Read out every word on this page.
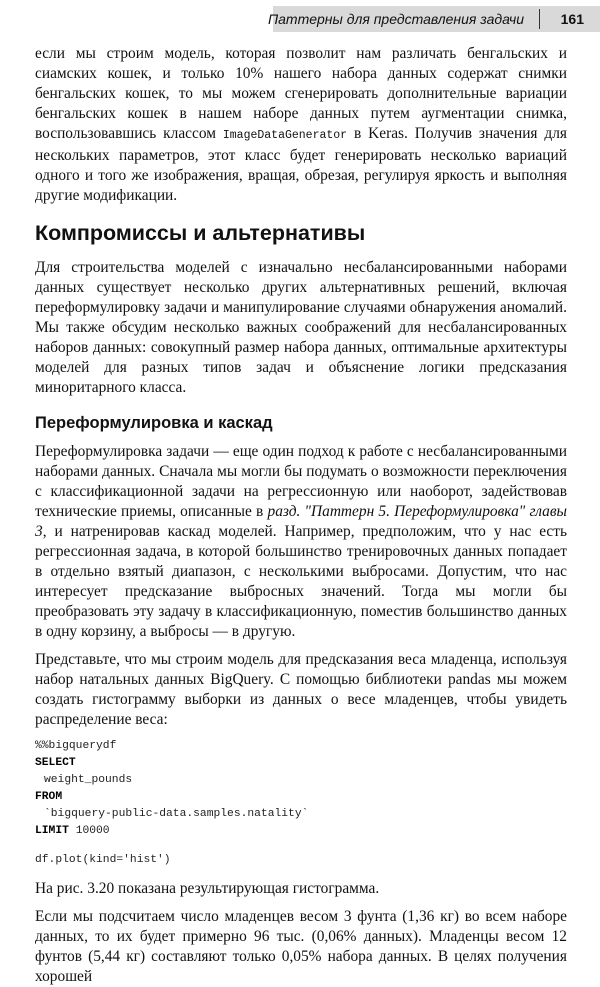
Паттерны для представления задачи	161

если мы строим модель, которая позволит нам различать бенгальских и сиамских кошек, и только 10% нашего набора данных содержат снимки бенгальских кошек, то мы можем сгенерировать дополнительные вариации бенгальских кошек в нашем наборе данных путем аугментации снимка, воспользовавшись классом ImageDataGenerator в Keras. Получив значения для нескольких параметров, этот класс будет генерировать несколько вариаций одного и того же изображения, вращая, обрезая, регулируя яркость и выполняя другие модификации.

Компромиссы и альтернативы

Для строительства моделей с изначально несбалансированными наборами данных существует несколько других альтернативных решений, включая переформулировку задачи и манипулирование случаями обнаружения аномалий. Мы также обсудим несколько важных соображений для несбалансированных наборов данных: совокупный размер набора данных, оптимальные архитектуры моделей для разных типов задач и объяснение логики предсказания миноритарного класса.

Переформулировка и каскад

Переформулировка задачи — еще один подход к работе с несбалансированными наборами данных. Сначала мы могли бы подумать о возможности переключения с классификационной задачи на регрессионную или наоборот, задействовав технические приемы, описанные в разд. "Паттерн 5. Переформулировка" главы 3, и натренировав каскад моделей. Например, предположим, что у нас есть регрессионная задача, в которой большинство тренировочных данных попадает в отдельно взятый диапазон, с несколькими выбросами. Допустим, что нас интересует предсказание выбросных значений. Тогда мы могли бы преобразовать эту задачу в классификационную, поместив большинство данных в одну корзину, а выбросы — в другую.

Представьте, что мы строим модель для предсказания веса младенца, используя набор натальных данных BigQuery. С помощью библиотеки pandas мы можем создать гистограмму выборки из данных о весе младенцев, чтобы увидеть распределение веса:

%%bigquerydf
SELECT
weight_pounds
FROM
`bigquery-public-data.samples.natality`
LIMIT 10000
df.plot(kind='hist')

На рис. 3.20 показана результирующая гистограмма.

Если мы подсчитаем число младенцев весом 3 фунта (1,36 кг) во всем наборе данных, то их будет примерно 96 тыс. (0,06% данных). Младенцы весом 12 фунтов (5,44 кг) составляют только 0,05% набора данных. В целях получения хорошей
